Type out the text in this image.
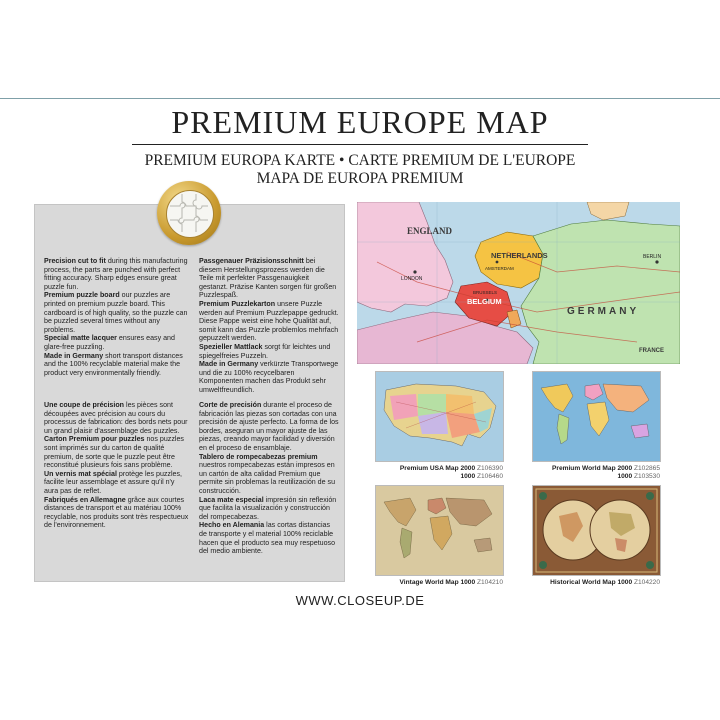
PREMIUM EUROPE MAP
PREMIUM EUROPA KARTE • CARTE PREMIUM DE L'EUROPE
MAPA DE EUROPA PREMIUM

Precision cut to fit during this manufacturing process, the parts are punched with perfect fitting accuracy. Sharp edges ensure great puzzle fun.

Premium puzzle board our puzzles are printed on premium puzzle board. This cardboard is of high quality, so the puzzle can be puzzled several times without any problems.

Special matte lacquer ensures easy and glare-free puzzling.

Made in Germany short transport distances and the 100% recyclable material make the product very environmentally friendly.

Passgenauer Präzisionsschnitt bei diesem Herstellungsprozess werden die Teile mit perfekter Passgenauigkeit gestanzt. Präzise Kanten sorgen für großen Puzzlespaß.

Premium Puzzlekarton unsere Puzzle werden auf Premium Puzzlepappe gedruckt. Diese Pappe weist eine hohe Qualität auf, somit kann das Puzzle problemlos mehrfach gepuzzelt werden.

Spezieller Mattlack sorgt für leichtes und spiegelfreies Puzzeln.

Made in Germany verkürzte Transportwege und die zu 100% recycelbaren Komponenten machen das Produkt sehr umweltfreundlich.

Une coupe de précision les pièces sont découpées avec précision au cours du processus de fabrication: des bords nets pour un grand plaisir d'assemblage des puzzles.

Carton Premium pour puzzles nos puzzles sont imprimés sur du carton de qualité premium, de sorte que le puzzle peut être reconstitué plusieurs fois sans problème.

Un vernis mat spécial protège les puzzles, facilite leur assemblage et assure qu'il n'y aura pas de reflet.

Fabriqués en Allemagne grâce aux courtes distances de transport et au matériau 100% recyclable, nos produits sont très respectueux de l'environnement.

Corte de precisión durante el proceso de fabricación las piezas son cortadas con una precisión de ajuste perfecto. La forma de los bordes, aseguran un mayor ajuste de las piezas, creando mayor facilidad y diversión en el proceso de ensamblaje.

Tablero de rompecabezas premium nuestros rompecabezas están impresos en un cartón de alta calidad Premium que permite sin problemas la reutilización de su construcción.

Laca mate especial impresión sin reflexión que facilita la visualización y construcción del rompecabezas.

Hecho en Alemania las cortas distancias de transporte y el material 100% reciclable hacen que el producto sea muy respetuoso del medio ambiente.

ENGLAND
NETHERLANDS
BELGIUM
GERMANY
FRANCE
AMSTERDAM
LONDON
BRUSSELS
BERLIN
Premium USA Map 2000 Z106390
1000 Z106460
Premium World Map 2000 Z102865
1000 Z103530
Vintage World Map 1000 Z104210	Historical World Map 1000 Z104220
WWW.CLOSEUP.DE
